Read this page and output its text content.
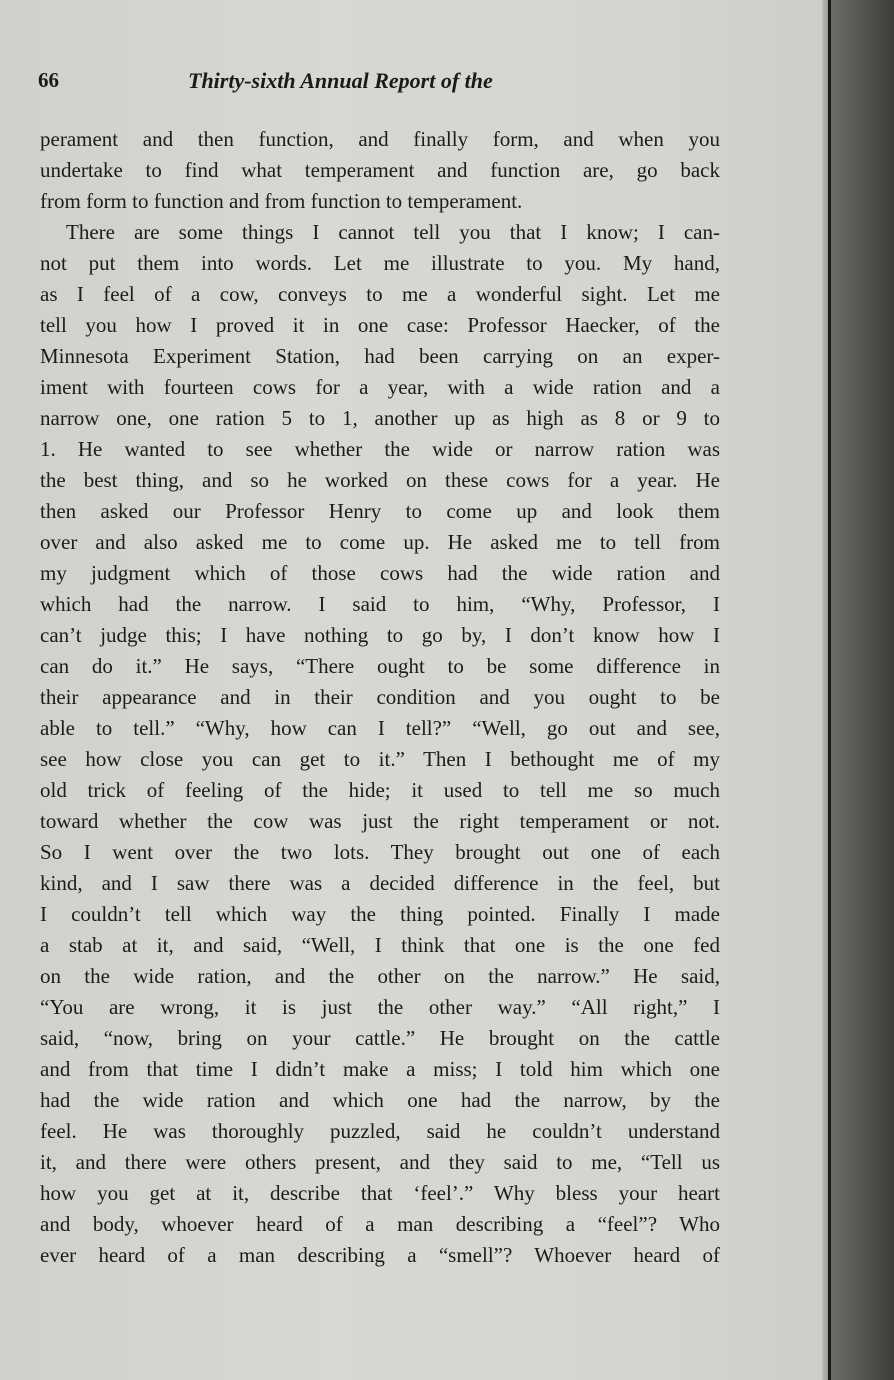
66	Thirty-sixth Annual Report of the
perament and then function, and finally form, and when you
undertake to find what temperament and function are, go back
from form to function and from function to temperament.
There are some things I cannot tell you that I know; I can-
not put them into words. Let me illustrate to you. My hand,
as I feel of a cow, conveys to me a wonderful sight. Let me
tell you how I proved it in one case: Professor Haecker, of the
Minnesota Experiment Station, had been carrying on an exper-
iment with fourteen cows for a year, with a wide ration and a
narrow one, one ration 5 to 1, another up as high as 8 or 9 to
1. He wanted to see whether the wide or narrow ration was
the best thing, and so he worked on these cows for a year. He
then asked our Professor Henry to come up and look them
over and also asked me to come up. He asked me to tell from
my judgment which of those cows had the wide ration and
which had the narrow. I said to him, “Why, Professor, I
can’t judge this; I have nothing to go by, I don’t know how I
can do it.” He says, “There ought to be some difference in
their appearance and in their condition and you ought to be
able to tell.” “Why, how can I tell?” “Well, go out and see,
see how close you can get to it.” Then I bethought me of my
old trick of feeling of the hide; it used to tell me so much
toward whether the cow was just the right temperament or not.
So I went over the two lots. They brought out one of each
kind, and I saw there was a decided difference in the feel, but
I couldn’t tell which way the thing pointed. Finally I made
a stab at it, and said, “Well, I think that one is the one fed
on the wide ration, and the other on the narrow.” He said,
“You are wrong, it is just the other way.” “All right,” I
said, “now, bring on your cattle.” He brought on the cattle
and from that time I didn’t make a miss; I told him which one
had the wide ration and which one had the narrow, by the
feel. He was thoroughly puzzled, said he couldn’t understand
it, and there were others present, and they said to me, “Tell us
how you get at it, describe that ‘feel’.” Why bless your heart
and body, whoever heard of a man describing a “feel”? Who
ever heard of a man describing a “smell”? Whoever heard of
